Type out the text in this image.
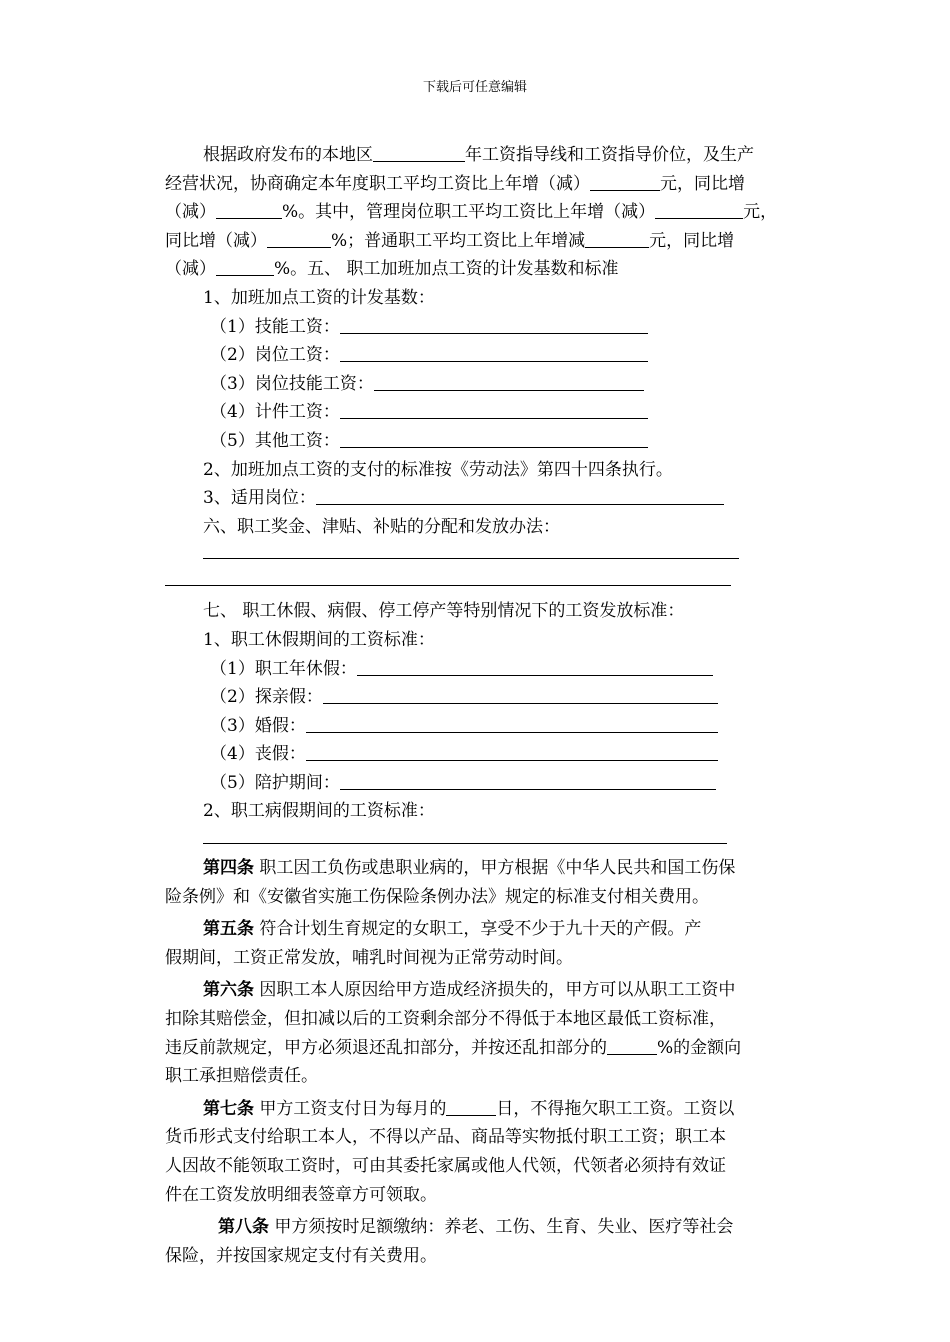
下载后可任意编辑
根据政府发布的本地区	年工资指导线和工资指导价位，及生产
经营状况，协商确定本年度职工平均工资比上年增（减）	元，同比增
（减）	%。其中，管理岗位职工平均工资比上年增（减）	元，
同比增（减）	%；普通职工平均工资比上年增减	元，同比增
（减）	%。五、 职工加班加点工资的计发基数和标准
1、加班加点工资的计发基数：
（1）技能工资：
（2）岗位工资：
（3）岗位技能工资：
（4）计件工资：
（5）其他工资：
2、加班加点工资的支付的标准按《劳动法》第四十四条执行。
3、适用岗位：
六、职工奖金、津贴、补贴的分配和发放办法：
七、 职工休假、病假、停工停产等特别情况下的工资发放标准：
1、职工休假期间的工资标准：
（1）职工年休假：
（2）探亲假：
（3）婚假：
（4）丧假：
（5）陪护期间：
2、职工病假期间的工资标准：
第四条 职工因工负伤或患职业病的，甲方根据《中华人民共和国工伤保
险条例》和《安徽省实施工伤保险条例办法》规定的标准支付相关费用。
第五条 符合计划生育规定的女职工，享受不少于九十天的产假。产
假期间，工资正常发放，哺乳时间视为正常劳动时间。
第六条 因职工本人原因给甲方造成经济损失的，甲方可以从职工工资中
扣除其赔偿金，但扣减以后的工资剩余部分不得低于本地区最低工资标准，
违反前款规定，甲方必须退还乱扣部分，并按还乱扣部分的	%的金额向
职工承担赔偿责任。
第七条 甲方工资支付日为每月的	日，不得拖欠职工工资。工资以
货币形式支付给职工本人，不得以产品、商品等实物抵付职工工资；职工本
人因故不能领取工资时，可由其委托家属或他人代领，代领者必须持有效证
件在工资发放明细表签章方可领取。
第八条 甲方须按时足额缴纳：养老、工伤、生育、失业、医疗等社会
保险，并按国家规定支付有关费用。
